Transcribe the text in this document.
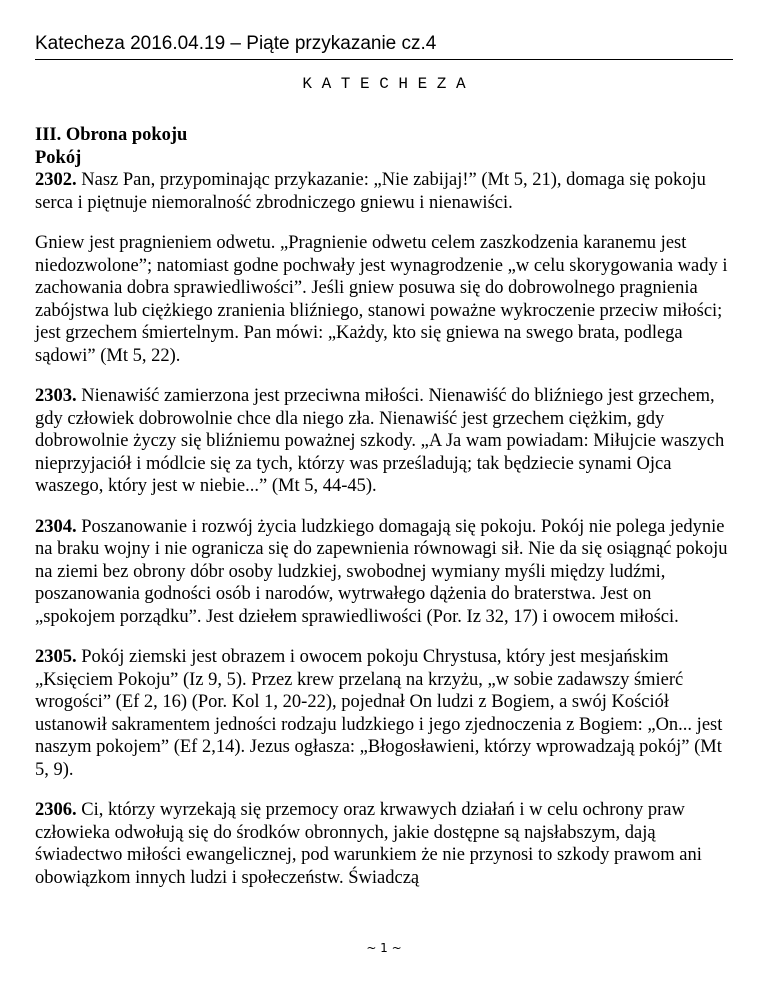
Katecheza 2016.04.19 – Piąte przykazanie cz.4
K A T E C H E Z A

III. Obrona pokoju

Pokój

2302. Nasz Pan, przypominając przykazanie: „Nie zabijaj!” (Mt 5, 21), domaga się pokoju serca i piętnuje niemoralność zbrodniczego gniewu i nienawiści.

Gniew jest pragnieniem odwetu. „Pragnienie odwetu celem zaszkodzenia karanemu jest niedozwolone”; natomiast godne pochwały jest wynagrodzenie „w celu skorygowania wady i zachowania dobra sprawiedliwości”. Jeśli gniew posuwa się do dobrowolnego pragnienia zabójstwa lub ciężkiego zranienia bliźniego, stanowi poważne wykroczenie przeciw miłości; jest grzechem śmiertelnym. Pan mówi: „Każdy, kto się gniewa na swego brata, podlega sądowi” (Mt 5, 22).

2303. Nienawiść zamierzona jest przeciwna miłości. Nienawiść do bliźniego jest grzechem, gdy człowiek dobrowolnie chce dla niego zła. Nienawiść jest grzechem ciężkim, gdy dobrowolnie życzy się bliźniemu poważnej szkody. „A Ja wam powiadam: Miłujcie waszych nieprzyjaciół i módlcie się za tych, którzy was prześladują; tak będziecie synami Ojca waszego, który jest w niebie...” (Mt 5, 44-45).

2304. Poszanowanie i rozwój życia ludzkiego domagają się pokoju. Pokój nie polega jedynie na braku wojny i nie ogranicza się do zapewnienia równowagi sił. Nie da się osiągnąć pokoju na ziemi bez obrony dóbr osoby ludzkiej, swobodnej wymiany myśli między ludźmi, poszanowania godności osób i narodów, wytrwałego dążenia do braterstwa. Jest on „spokojem porządku”. Jest dziełem sprawiedliwości (Por. Iz 32, 17) i owocem miłości.

2305. Pokój ziemski jest obrazem i owocem pokoju Chrystusa, który jest mesjańskim „Księciem Pokoju” (Iz 9, 5). Przez krew przelaną na krzyżu, „w sobie zadawszy śmierć wrogości” (Ef 2, 16) (Por. Kol 1, 20-22), pojednał On ludzi z Bogiem, a swój Kościół ustanowił sakramentem jedności rodzaju ludzkiego i jego zjednoczenia z Bogiem: „On... jest naszym pokojem” (Ef 2,14). Jezus ogłasza: „Błogosławieni, którzy wprowadzają pokój” (Mt 5, 9).

2306. Ci, którzy wyrzekają się przemocy oraz krwawych działań i w celu ochrony praw człowieka odwołują się do środków obronnych, jakie dostępne są najsłabszym, dają świadectwo miłości ewangelicznej, pod warunkiem że nie przynosi to szkody prawom ani obowiązkom innych ludzi i społeczeństw. Świadczą

~ 1 ~
